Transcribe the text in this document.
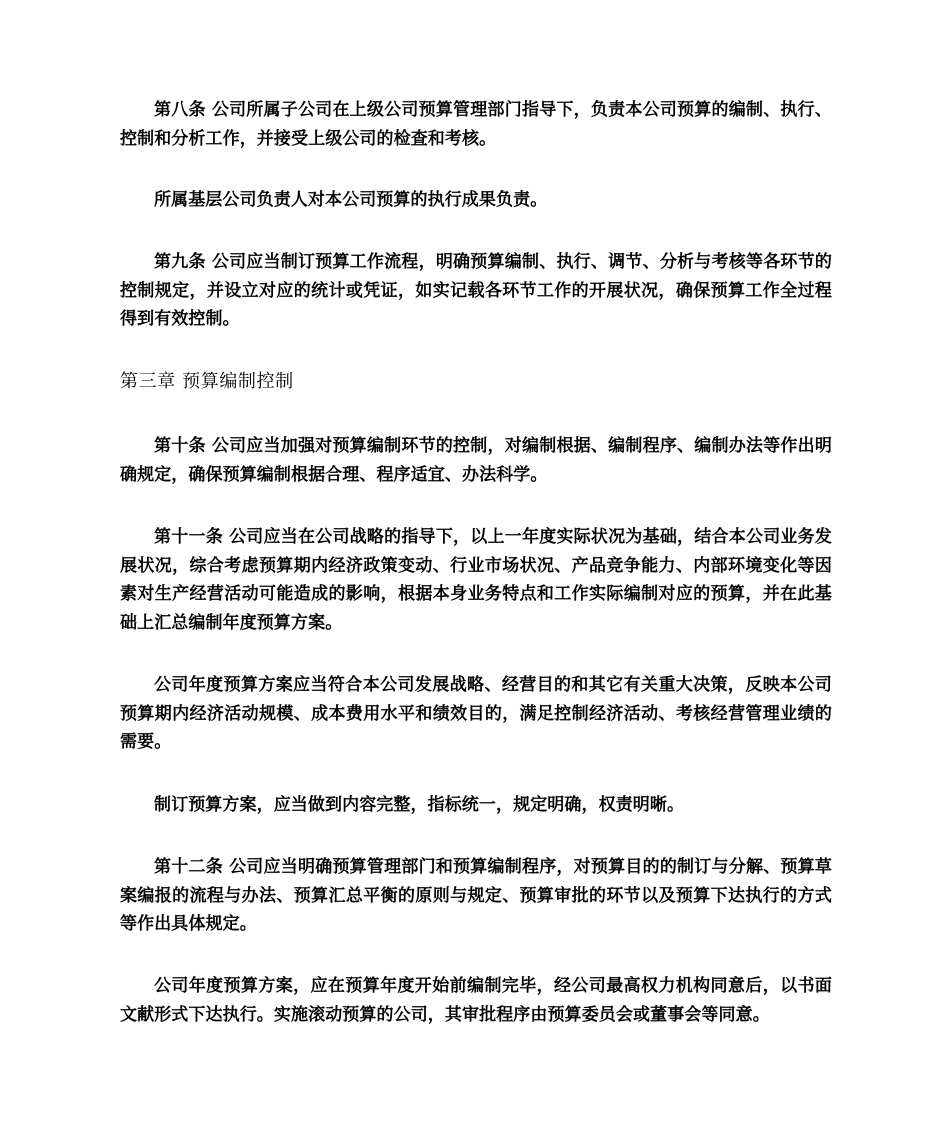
第八条 公司所属子公司在上级公司预算管理部门指导下，负责本公司预算的编制、执行、控制和分析工作，并接受上级公司的检查和考核。

所属基层公司负责人对本公司预算的执行成果负责。

第九条 公司应当制订预算工作流程，明确预算编制、执行、调节、分析与考核等各环节的控制规定，并设立对应的统计或凭证，如实记载各环节工作的开展状况，确保预算工作全过程得到有效控制。

第三章 预算编制控制

第十条 公司应当加强对预算编制环节的控制，对编制根据、编制程序、编制办法等作出明确规定，确保预算编制根据合理、程序适宜、办法科学。

第十一条 公司应当在公司战略的指导下，以上一年度实际状况为基础，结合本公司业务发展状况，综合考虑预算期内经济政策变动、行业市场状况、产品竞争能力、内部环境变化等因素对生产经营活动可能造成的影响，根据本身业务特点和工作实际编制对应的预算，并在此基础上汇总编制年度预算方案。

公司年度预算方案应当符合本公司发展战略、经营目的和其它有关重大决策，反映本公司预算期内经济活动规模、成本费用水平和绩效目的，满足控制经济活动、考核经营管理业绩的需要。

制订预算方案，应当做到内容完整，指标统一，规定明确，权责明晰。

第十二条 公司应当明确预算管理部门和预算编制程序，对预算目的的制订与分解、预算草案编报的流程与办法、预算汇总平衡的原则与规定、预算审批的环节以及预算下达执行的方式等作出具体规定。

公司年度预算方案，应在预算年度开始前编制完毕，经公司最高权力机构同意后，以书面文献形式下达执行。实施滚动预算的公司，其审批程序由预算委员会或董事会等同意。
